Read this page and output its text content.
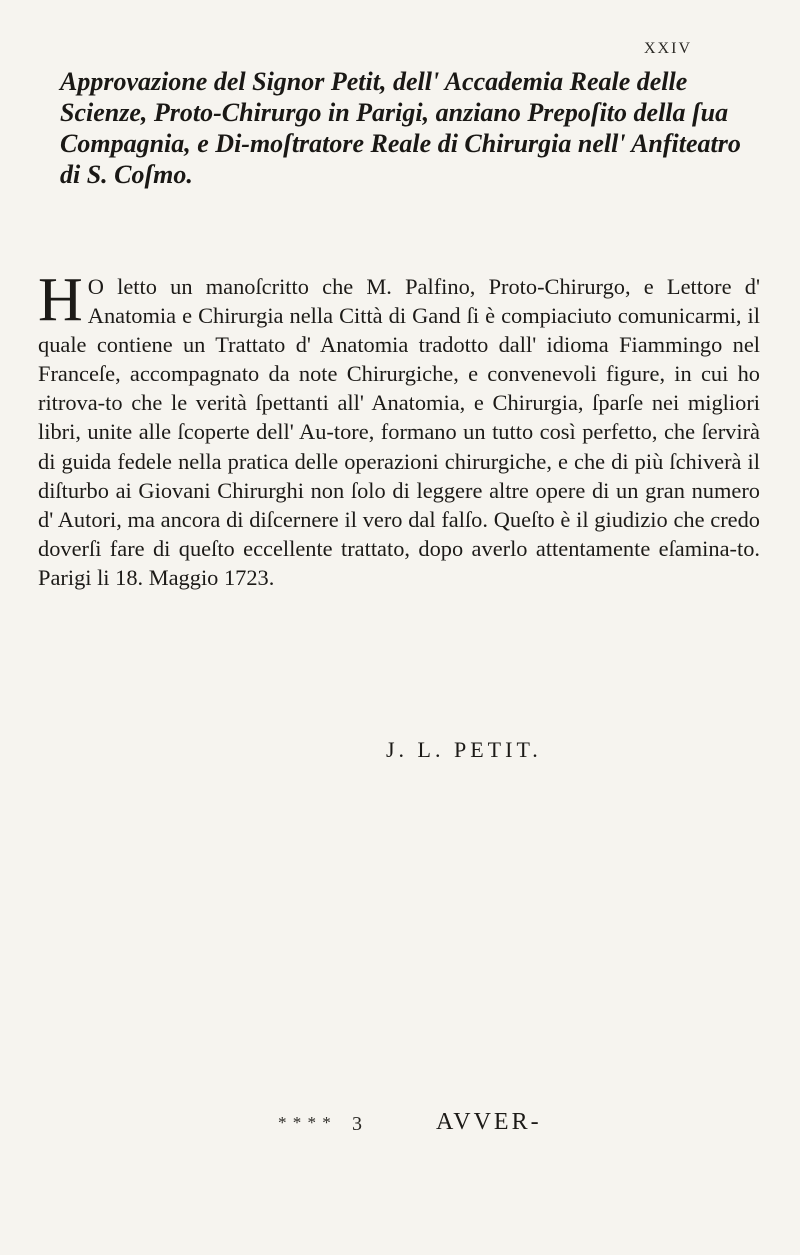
XXIV

Approvazione del Signor Petit, dell' Accademia Reale delle Scienze, Proto-Chirurgo in Parigi, anziano Prepoſito della ſua Compagnia, e Di-moſtratore Reale di Chirurgia nell' Anfiteatro di S. Coſmo.

H O letto un manoſcritto che M. Palfino, Proto-Chirurgo, e Lettore d' Anatomia e Chirurgia nella Città di Gand ſi è compiaciuto comunicarmi, il quale contiene un Trattato d' Anatomia tradotto dall' idioma Fiammingo nel Franceſe, accompagnato da note Chirurgiche, e convenevoli figure, in cui ho ritrova-to che le verità ſpettanti all' Anatomia, e Chirurgia, ſparſe nei migliori libri, unite alle ſcoperte dell' Au-tore, formano un tutto così perfetto, che ſervirà di guida fedele nella pratica delle operazioni chirurgiche, e che di più ſchiverà il diſturbo ai Giovani Chirurghi non ſolo di leggere altre opere di un gran numero d' Autori, ma ancora di diſcernere il vero dal falſo. Queſto è il giudizio che credo doverſi fare di queſto eccellente trattato, dopo averlo attentamente eſamina-to. Parigi li 18. Maggio 1723.

J. L. PETIT.
* * * * 3	AVVER-
